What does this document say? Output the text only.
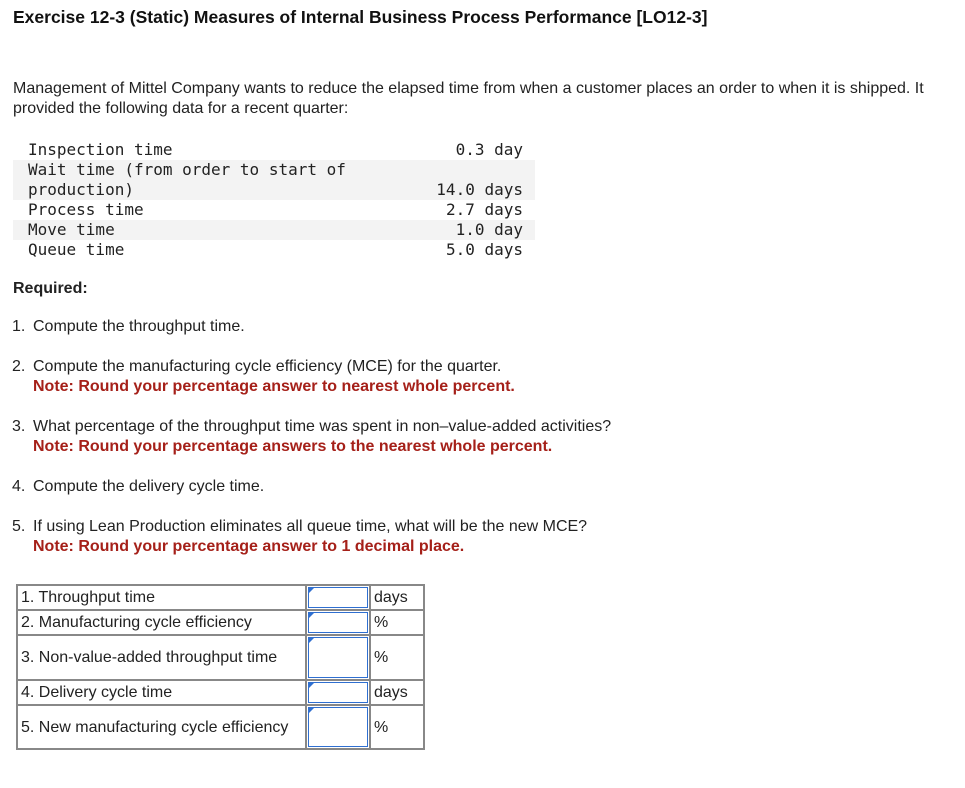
Exercise 12-3 (Static) Measures of Internal Business Process Performance [LO12-3]
Management of Mittel Company wants to reduce the elapsed time from when a customer places an order to when it is shipped. It provided the following data for a recent quarter:
Inspection time	0.3 day
Wait time (from order to start of production)	14.0 days
Process time	2.7 days
Move time	1.0 day
Queue time	5.0 days
Required:
1. Compute the throughput time.
2. Compute the manufacturing cycle efficiency (MCE) for the quarter.
Note: Round your percentage answer to nearest whole percent.
3. What percentage of the throughput time was spent in non–value-added activities?
Note: Round your percentage answers to the nearest whole percent.
4. Compute the delivery cycle time.
5. If using Lean Production eliminates all queue time, what will be the new MCE?
Note: Round your percentage answer to 1 decimal place.
1. Throughput time		days
2. Manufacturing cycle efficiency		%
3. Non-value-added throughput time		%
4. Delivery cycle time		days
5. New manufacturing cycle efficiency		%
